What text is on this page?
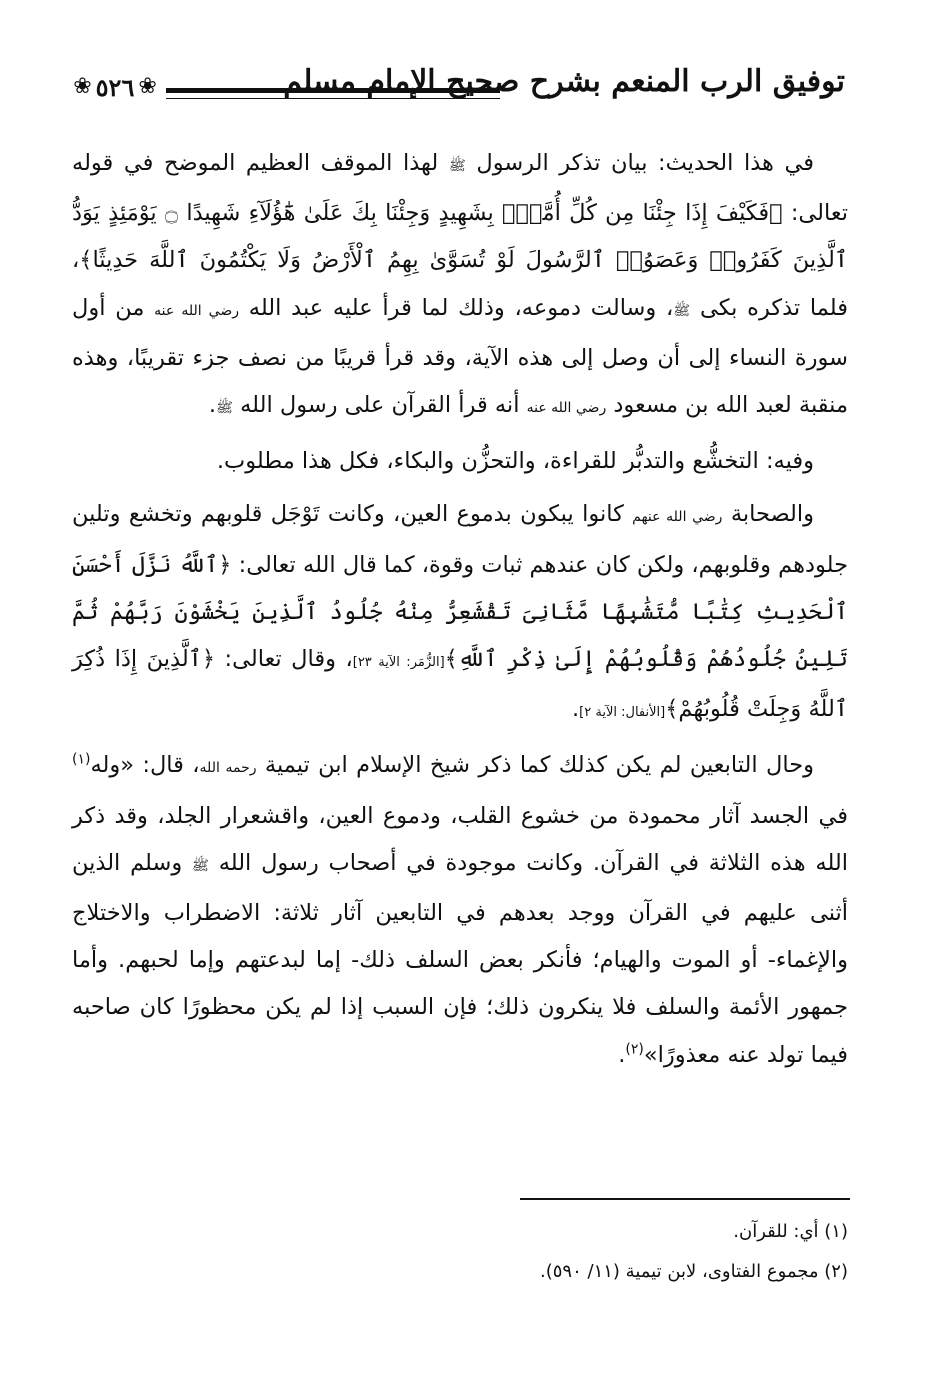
توفيق الرب المنعم بشرح صحيح الإمام مسلم
❀ ٥٢٦ ❀

في هذا الحديث: بيان تذكر الرسول ﷺ لهذا الموقف العظيم الموضح في قوله تعالى: ﴿فَكَيْفَ إِذَا جِئْنَا مِن كُلِّ أُمَّةٍۭ بِشَهِيدٍ وَجِئْنَا بِكَ عَلَىٰ هَٰٓؤُلَآءِ شَهِيدًا ۝ يَوْمَئِذٍ يَوَدُّ ٱلَّذِينَ كَفَرُوا۟ وَعَصَوُا۟ ٱلرَّسُولَ لَوْ تُسَوَّىٰ بِهِمُ ٱلْأَرْضُ وَلَا يَكْتُمُونَ ٱللَّهَ حَدِيثًا﴾، فلما تذكره بكى ﷺ، وسالت دموعه، وذلك لما قرأ عليه عبد الله رضي الله عنه من أول سورة النساء إلى أن وصل إلى هذه الآية، وقد قرأ قريبًا من نصف جزء تقريبًا، وهذه منقبة لعبد الله بن مسعود رضي الله عنه أنه قرأ القرآن على رسول الله ﷺ.

وفيه: التخشُّع والتدبُّر للقراءة، والتحزُّن والبكاء، فكل هذا مطلوب.

والصحابة رضي الله عنهم كانوا يبكون بدموع العين، وكانت تَوْجَل قلوبهم وتخشع وتلين جلودهم وقلوبهم، ولكن كان عندهم ثبات وقوة، كما قال الله تعالى: ﴿ٱللَّهُ نَزَّلَ أَحْسَنَ ٱلْحَدِيثِ كِتَٰبًا مُّتَشَٰبِهًا مَّثَانِىَ تَقْشَعِرُّ مِنْهُ جُلُودُ ٱلَّذِينَ يَخْشَوْنَ رَبَّهُمْ ثُمَّ تَلِينُ جُلُودُهُمْ وَقُلُوبُهُمْ إِلَىٰ ذِكْرِ ٱللَّهِ﴾[الزُّمَر: الآية ٢٣]، وقال تعالى: ﴿ٱلَّذِينَ إِذَا ذُكِرَ ٱللَّهُ وَجِلَتْ قُلُوبُهُمْ﴾[الأنفال: الآية ٢].

وحال التابعين لم يكن كذلك كما ذكر شيخ الإسلام ابن تيمية رحمه الله، قال: «وله$^{(١)}$ في الجسد آثار محمودة من خشوع القلب، ودموع العين، واقشعرار الجلد، وقد ذكر الله هذه الثلاثة في القرآن. وكانت موجودة في أصحاب رسول الله ﷺ وسلم الذين أثنى عليهم في القرآن ووجد بعدهم في التابعين آثار ثلاثة: الاضطراب والاختلاج والإغماء- أو الموت والهيام؛ فأنكر بعض السلف ذلك- إما لبدعتهم وإما لحبهم. وأما جمهور الأئمة والسلف فلا ينكرون ذلك؛ فإن السبب إذا لم يكن محظورًا كان صاحبه فيما تولد عنه معذورًا»$^{(٢)}$.

(١) أي: للقرآن.
(٢) مجموع الفتاوى، لابن تيمية (١١/ ٥٩٠).
